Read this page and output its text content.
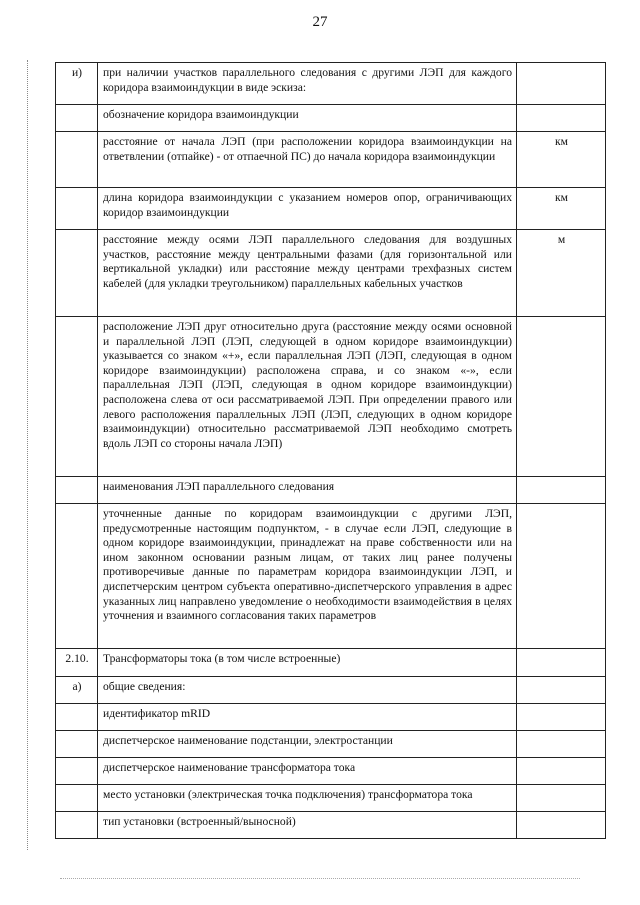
27
и)	при наличии участков параллельного следования с другими ЛЭП для каждого коридора взаимоиндукции в виде эскиза:	
	обозначение коридора взаимоиндукции	
	расстояние от начала ЛЭП (при расположении коридора взаимоиндукции на ответвлении (отпайке) - от отпаечной ПС) до начала коридора взаимоиндукции	км
	длина коридора взаимоиндукции с указанием номеров опор, ограничивающих коридор взаимоиндукции	км
	расстояние между осями ЛЭП параллельного следования для воздушных участков, расстояние между центральными фазами (для горизонтальной или вертикальной укладки) или расстояние между центрами трехфазных систем кабелей (для укладки треугольником) параллельных кабельных участков	м
	расположение ЛЭП друг относительно друга (расстояние между осями основной и параллельной ЛЭП (ЛЭП, следующей в одном коридоре взаимоиндукции) указывается со знаком «+», если параллельная ЛЭП (ЛЭП, следующая в одном коридоре взаимоиндукции) расположена справа, и со знаком «-», если параллельная ЛЭП (ЛЭП, следующая в одном коридоре взаимоиндукции) расположена слева от оси рассматриваемой ЛЭП. При определении правого или левого расположения параллельных ЛЭП (ЛЭП, следующих в одном коридоре взаимоиндукции) относительно рассматриваемой ЛЭП необходимо смотреть вдоль ЛЭП со стороны начала ЛЭП)	
	наименования ЛЭП параллельного следования	
	уточненные данные по коридорам взаимоиндукции с другими ЛЭП, предусмотренные настоящим подпунктом, - в случае если ЛЭП, следующие в одном коридоре взаимоиндукции, принадлежат на праве собственности или на ином законном основании разным лицам, от таких лиц ранее получены противоречивые данные по параметрам коридора взаимоиндукции ЛЭП, и диспетчерским центром субъекта оперативно-диспетчерского управления в адрес указанных лиц направлено уведомление о необходимости взаимодействия в целях уточнения и взаимного согласования таких параметров	
2.10.	Трансформаторы тока (в том числе встроенные)	
а)	общие сведения:	
	идентификатор mRID	
	диспетчерское наименование подстанции, электростанции	
	диспетчерское наименование трансформатора тока	
	место установки (электрическая точка подключения) трансформатора тока	
	тип установки (встроенный/выносной)	
